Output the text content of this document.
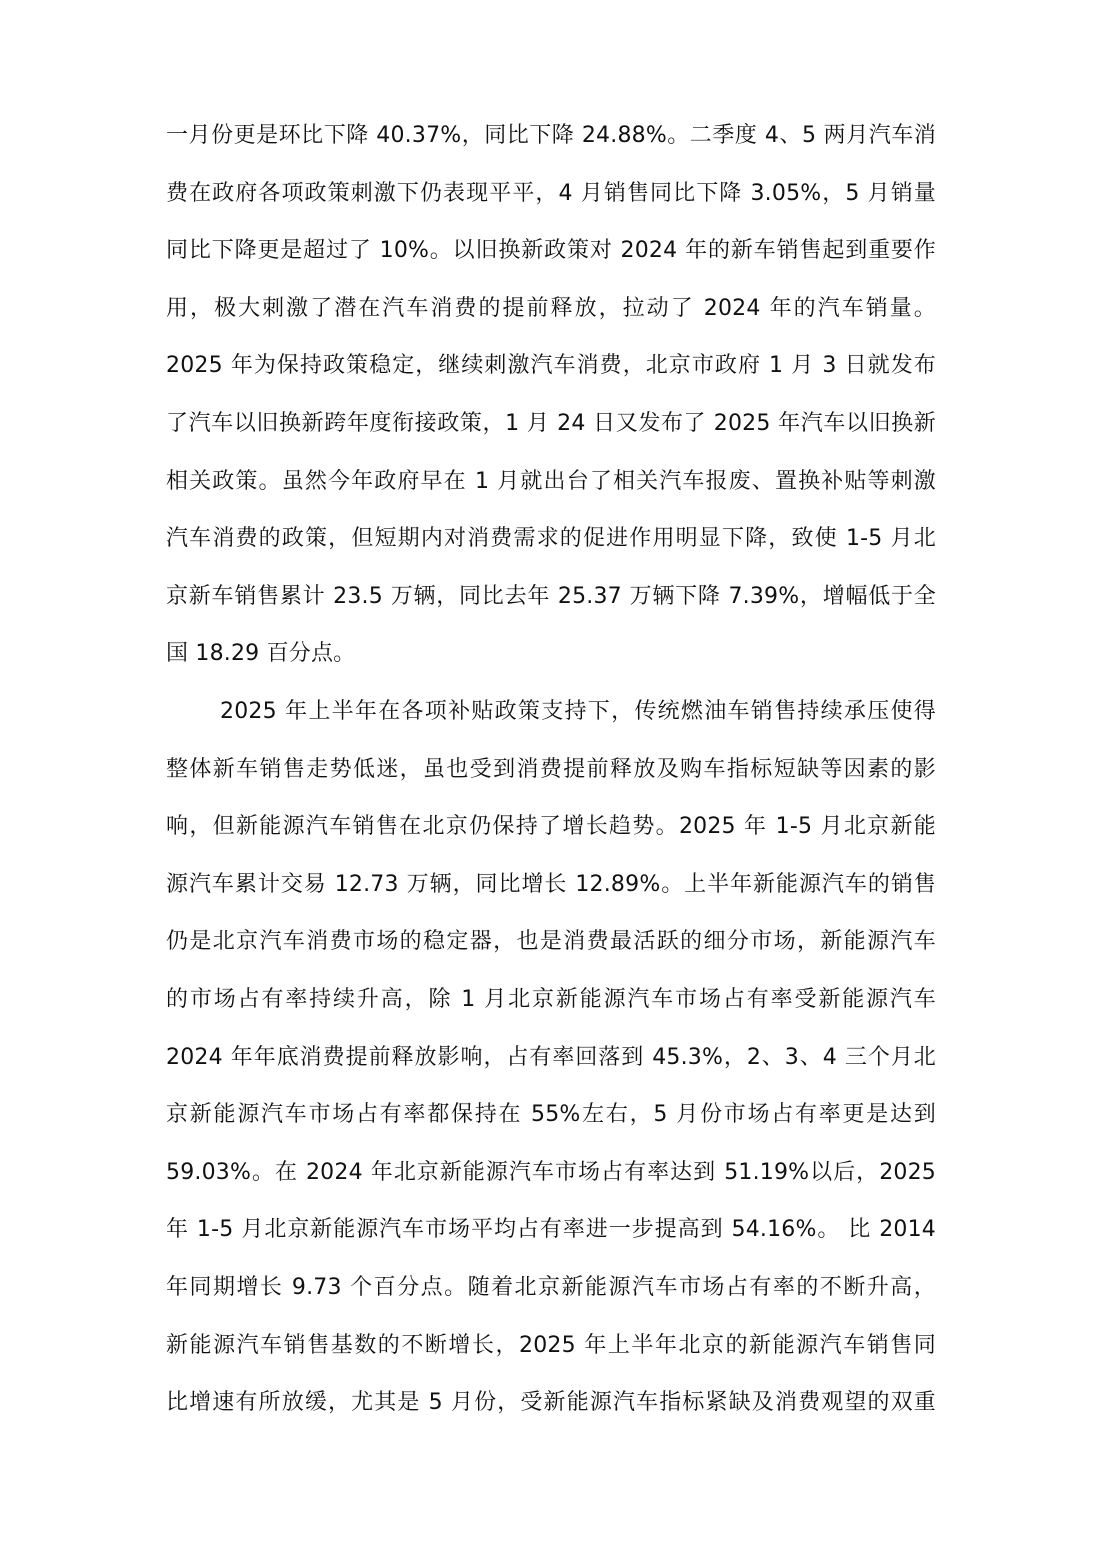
一月份更是环比下降 40.37%，同比下降 24.88%。二季度 4、5 两月汽车消
费在政府各项政策刺激下仍表现平平，4 月销售同比下降 3.05%，5 月销量
同比下降更是超过了 10%。以旧换新政策对 2024 年的新车销售起到重要作
用，极大刺激了潜在汽车消费的提前释放，拉动了 2024 年的汽车销量。
2025 年为保持政策稳定，继续刺激汽车消费，北京市政府 1 月 3 日就发布
了汽车以旧换新跨年度衔接政策，1 月 24 日又发布了 2025 年汽车以旧换新
相关政策。虽然今年政府早在 1 月就出台了相关汽车报废、置换补贴等刺激
汽车消费的政策，但短期内对消费需求的促进作用明显下降，致使 1-5 月北
京新车销售累计 23.5 万辆，同比去年 25.37 万辆下降 7.39%，增幅低于全
国 18.29 百分点。
2025 年上半年在各项补贴政策支持下，传统燃油车销售持续承压使得
整体新车销售走势低迷，虽也受到消费提前释放及购车指标短缺等因素的影
响，但新能源汽车销售在北京仍保持了增长趋势。2025 年 1-5 月北京新能
源汽车累计交易 12.73 万辆，同比增长 12.89%。上半年新能源汽车的销售
仍是北京汽车消费市场的稳定器，也是消费最活跃的细分市场，新能源汽车
的市场占有率持续升高，除 1 月北京新能源汽车市场占有率受新能源汽车
2024 年年底消费提前释放影响，占有率回落到 45.3%，2、3、4 三个月北
京新能源汽车市场占有率都保持在 55%左右，5 月份市场占有率更是达到
59.03%。在 2024 年北京新能源汽车市场占有率达到 51.19%以后，2025
年 1-5 月北京新能源汽车市场平均占有率进一步提高到 54.16%。 比 2014
年同期增长 9.73 个百分点。随着北京新能源汽车市场占有率的不断升高，
新能源汽车销售基数的不断增长，2025 年上半年北京的新能源汽车销售同
比增速有所放缓，尤其是 5 月份，受新能源汽车指标紧缺及消费观望的双重
